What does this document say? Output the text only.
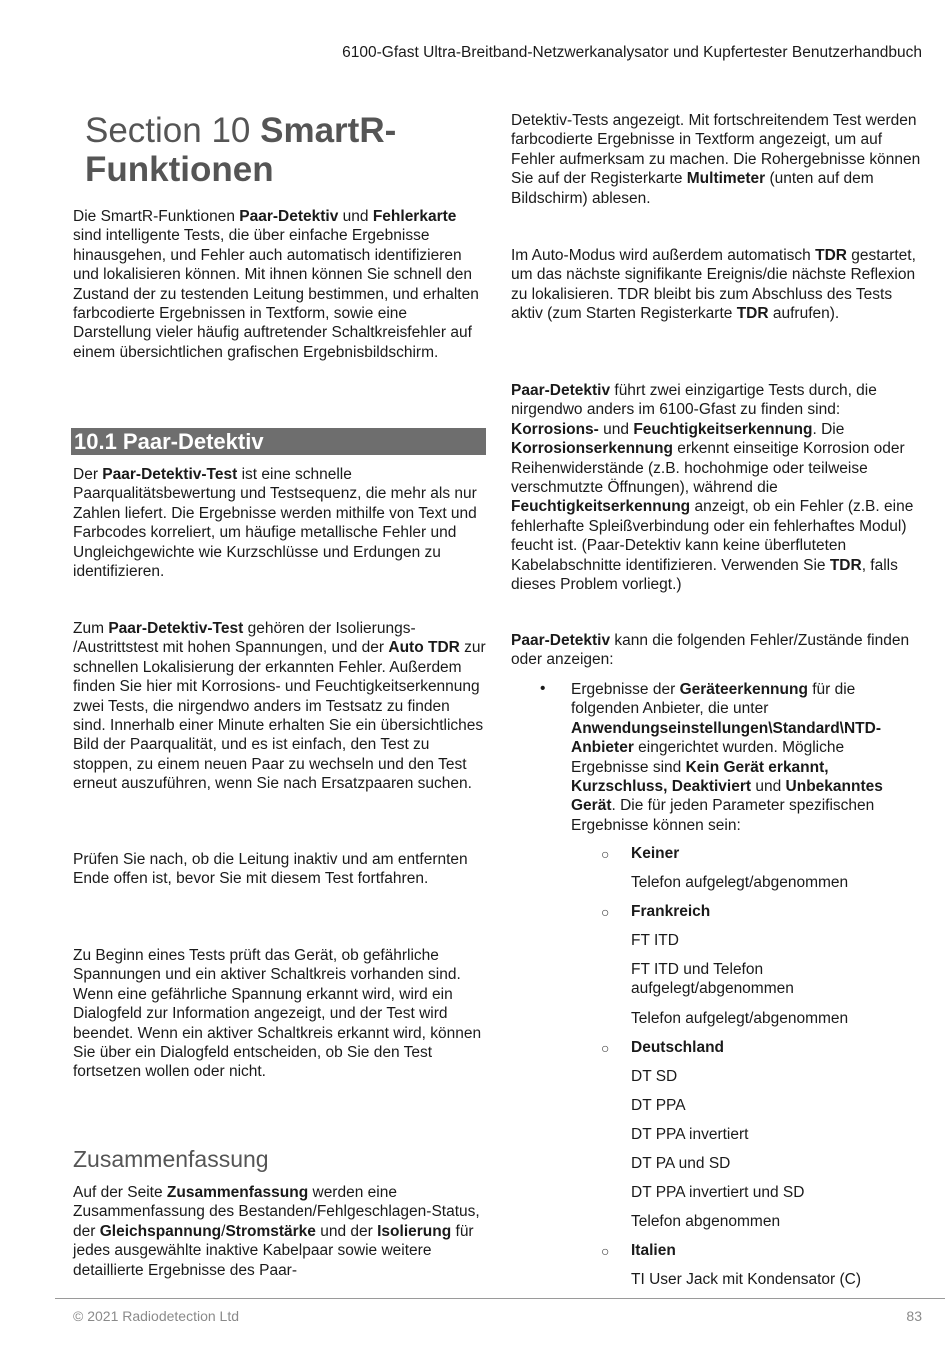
6100-Gfast Ultra-Breitband-Netzwerkanalysator und Kupfertester Benutzerhandbuch
Section 10 SmartR-Funktionen

Die SmartR-Funktionen Paar-Detektiv und Fehlerkarte sind intelligente Tests, die über einfache Ergebnisse hinausgehen, und Fehler auch automatisch identifizieren und lokalisieren können. Mit ihnen können Sie schnell den Zustand der zu testenden Leitung bestimmen, und erhalten farbcodierte Ergebnissen in Textform, sowie eine Darstellung vieler häufig auftretender Schaltkreisfehler auf einem übersichtlichen grafischen Ergebnisbildschirm.

10.1 Paar-Detektiv

Der Paar-Detektiv-Test ist eine schnelle Paarqualitätsbewertung und Testsequenz, die mehr als nur Zahlen liefert. Die Ergebnisse werden mithilfe von Text und Farbcodes korreliert, um häufige metallische Fehler und Ungleichgewichte wie Kurzschlüsse und Erdungen zu identifizieren.

Zum Paar-Detektiv-Test gehören der Isolierungs- /Austrittstest mit hohen Spannungen, und der Auto TDR zur schnellen Lokalisierung der erkannten Fehler. Außerdem finden Sie hier mit Korrosions- und Feuchtigkeitserkennung zwei Tests, die nirgendwo anders im Testsatz zu finden sind. Innerhalb einer Minute erhalten Sie ein übersichtliches Bild der Paarqualität, und es ist einfach, den Test zu stoppen, zu einem neuen Paar zu wechseln und den Test erneut auszuführen, wenn Sie nach Ersatzpaaren suchen.

Prüfen Sie nach, ob die Leitung inaktiv und am entfernten Ende offen ist, bevor Sie mit diesem Test fortfahren.

Zu Beginn eines Tests prüft das Gerät, ob gefährliche Spannungen und ein aktiver Schaltkreis vorhanden sind. Wenn eine gefährliche Spannung erkannt wird, wird ein Dialogfeld zur Information angezeigt, und der Test wird beendet. Wenn ein aktiver Schaltkreis erkannt wird, können Sie über ein Dialogfeld entscheiden, ob Sie den Test fortsetzen wollen oder nicht.

Zusammenfassung

Auf der Seite Zusammenfassung werden eine Zusammenfassung des Bestanden/Fehlgeschlagen-Status, der Gleichspannung/Stromstärke und der Isolierung für jedes ausgewählte inaktive Kabelpaar sowie weitere detaillierte Ergebnisse des Paar-

Detektiv-Tests angezeigt. Mit fortschreitendem Test werden farbcodierte Ergebnisse in Textform angezeigt, um auf Fehler aufmerksam zu machen. Die Rohergebnisse können Sie auf der Registerkarte Multimeter (unten auf dem Bildschirm) ablesen.

Im Auto-Modus wird außerdem automatisch TDR gestartet, um das nächste signifikante Ereignis/die nächste Reflexion zu lokalisieren. TDR bleibt bis zum Abschluss des Tests aktiv (zum Starten Registerkarte TDR aufrufen).

Paar-Detektiv führt zwei einzigartige Tests durch, die nirgendwo anders im 6100-Gfast zu finden sind: Korrosions- und Feuchtigkeitserkennung. Die Korrosionserkennung erkennt einseitige Korrosion oder Reihenwiderstände (z.B. hochohmige oder teilweise verschmutzte Öffnungen), während die Feuchtigkeitserkennung anzeigt, ob ein Fehler (z.B. eine fehlerhafte Spleißverbindung oder ein fehlerhaftes Modul) feucht ist. (Paar-Detektiv kann keine überfluteten Kabelabschnitte identifizieren. Verwenden Sie TDR, falls dieses Problem vorliegt.)

Paar-Detektiv kann die folgenden Fehler/Zustände finden oder anzeigen:

• Ergebnisse der Geräteerkennung für die folgenden Anbieter, die unter Anwendungseinstellungen\Standard\NTD-Anbieter eingerichtet wurden. Mögliche Ergebnisse sind Kein Gerät erkannt, Kurzschluss, Deaktiviert und Unbekanntes Gerät. Die für jeden Parameter spezifischen Ergebnisse können sein:

○ Keiner
Telefon aufgelegt/abgenommen
○ Frankreich
FT ITD
FT ITD und Telefon aufgelegt/abgenommen
Telefon aufgelegt/abgenommen
○ Deutschland
DT SD
DT PPA
DT PPA invertiert
DT PA und SD
DT PPA invertiert und SD
Telefon abgenommen
○ Italien
TI User Jack mit Kondensator (C)
© 2021 Radiodetection Ltd	83
